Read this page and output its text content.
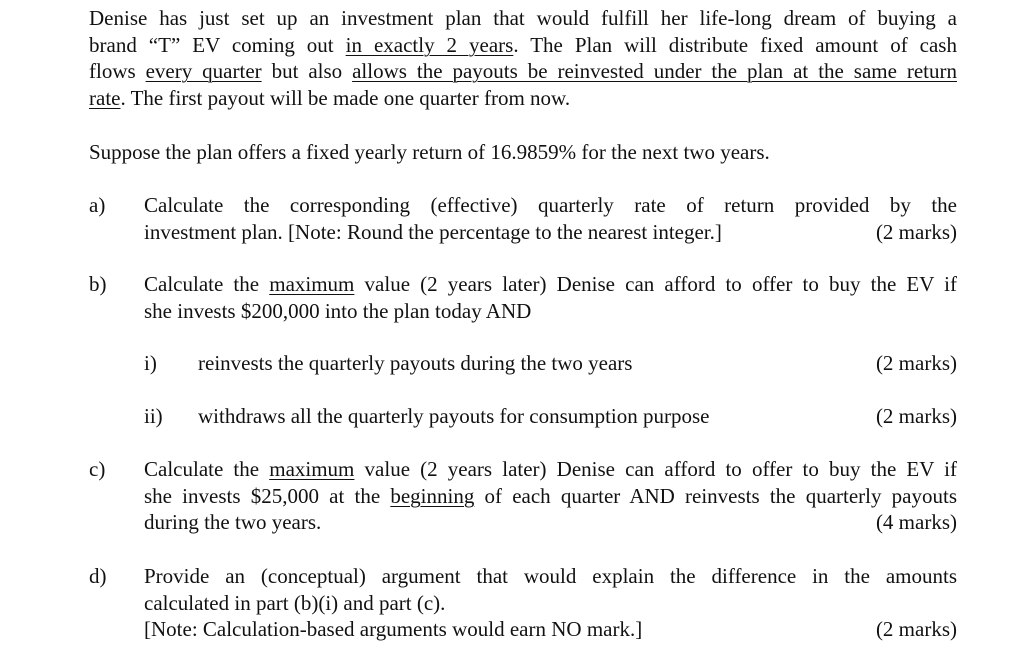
Denise has just set up an investment plan that would fulfill her life-long dream of buying a
brand “T” EV coming out in exactly 2 years. The Plan will distribute fixed amount of cash
flows every quarter but also allows the payouts be reinvested under the plan at the same return
rate. The first payout will be made one quarter from now.
Suppose the plan offers a fixed yearly return of 16.9859% for the next two years.
a) Calculate the corresponding (effective) quarterly rate of return provided by the
investment plan. [Note: Round the percentage to the nearest integer.]	(2 marks)
b) Calculate the maximum value (2 years later) Denise can afford to offer to buy the EV if
she invests $200,000 into the plan today AND
i) reinvests the quarterly payouts during the two years	(2 marks)
ii) withdraws all the quarterly payouts for consumption purpose	(2 marks)
c) Calculate the maximum value (2 years later) Denise can afford to offer to buy the EV if
she invests $25,000 at the beginning of each quarter AND reinvests the quarterly payouts
during the two years.	(4 marks)
d) Provide an (conceptual) argument that would explain the difference in the amounts
calculated in part (b)(i) and part (c).
[Note: Calculation-based arguments would earn NO mark.]	(2 marks)
